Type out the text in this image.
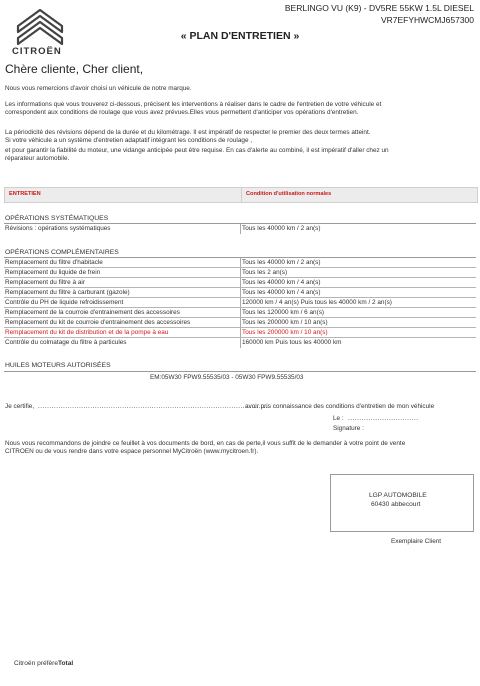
CITROËN
BERLINGO VU (K9) - DV5RE 55KW 1.5L DIESEL
VR7EFYHWCMJ657300
« PLAN D'ENTRETIEN »
Chère cliente, Cher client,
Nous vous remercions d'avoir choisi un véhicule de notre marque.
Les informations que vous trouverez ci-dessous, précisent les interventions à réaliser dans le cadre de l'entretien de votre véhicule et
correspondent aux conditions de roulage que vous avez prévues.Elles vous permettent d'anticiper vos opérations d'entretien.
La périodicité des révisions dépend de la durée et du kilométrage. Il est impératif de respecter le premier des deux termes atteint.
Si votre véhicule a un système d'entretien adaptatif intégrant les conditions de roulage ,
et pour garantir la fiabilité du moteur, une vidange anticipée peut être requise. En cas d'alerte au combiné, il est impératif d'aller chez un
réparateur automobile.
ENTRETIEN	Condition d'utilisation normales
OPÉRATIONS SYSTÉMATIQUES
Révisions : opérations systématiques	Tous les 40000 km / 2 an(s)
OPÉRATIONS COMPLÉMENTAIRES
Remplacement du filtre d'habitacle	Tous les 40000 km / 2 an(s)
Remplacement du liquide de frein	Tous les 2 an(s)
Remplacement du filtre à air	Tous les 40000 km / 4 an(s)
Remplacement du filtre à carburant (gazole)	Tous les 40000 km / 4 an(s)
Contrôle du PH de liquide refroidissement	120000 km / 4 an(s) Puis tous les 40000 km / 2 an(s)
Remplacement de la courroie d'entrainement des accessoires	Tous les 120000 km / 6 an(s)
Remplacement du kit de courroie d'entrainement des accessoires	Tous les 200000 km / 10 an(s)
Remplacement du kit de distribution et de la pompe à eau	Tous les 200000 km / 10 an(s)
Contrôle du colmatage du filtre à particules	160000 km Puis tous les 40000 km
HUILES MOTEURS AUTORISÉES
EM:05W30 FPW9.55535/03 - 05W30 FPW9.55535/03
Je certifie, ......................................................................................................
avoir pris connaissance des conditions d'entretien de mon véhicule
Le : ...............................
Signature :
Nous vous recommandons de joindre ce feuillet à vos documents de bord, en cas de perte,il vous suffit de le demander à votre point de vente
CITROEN ou de vous rendre dans votre espace personnel MyCitroën (www.mycitroen.fr).
LGP AUTOMOBILE
60430 abbecourt
Exemplaire Client
Citroën préfèreTotal
